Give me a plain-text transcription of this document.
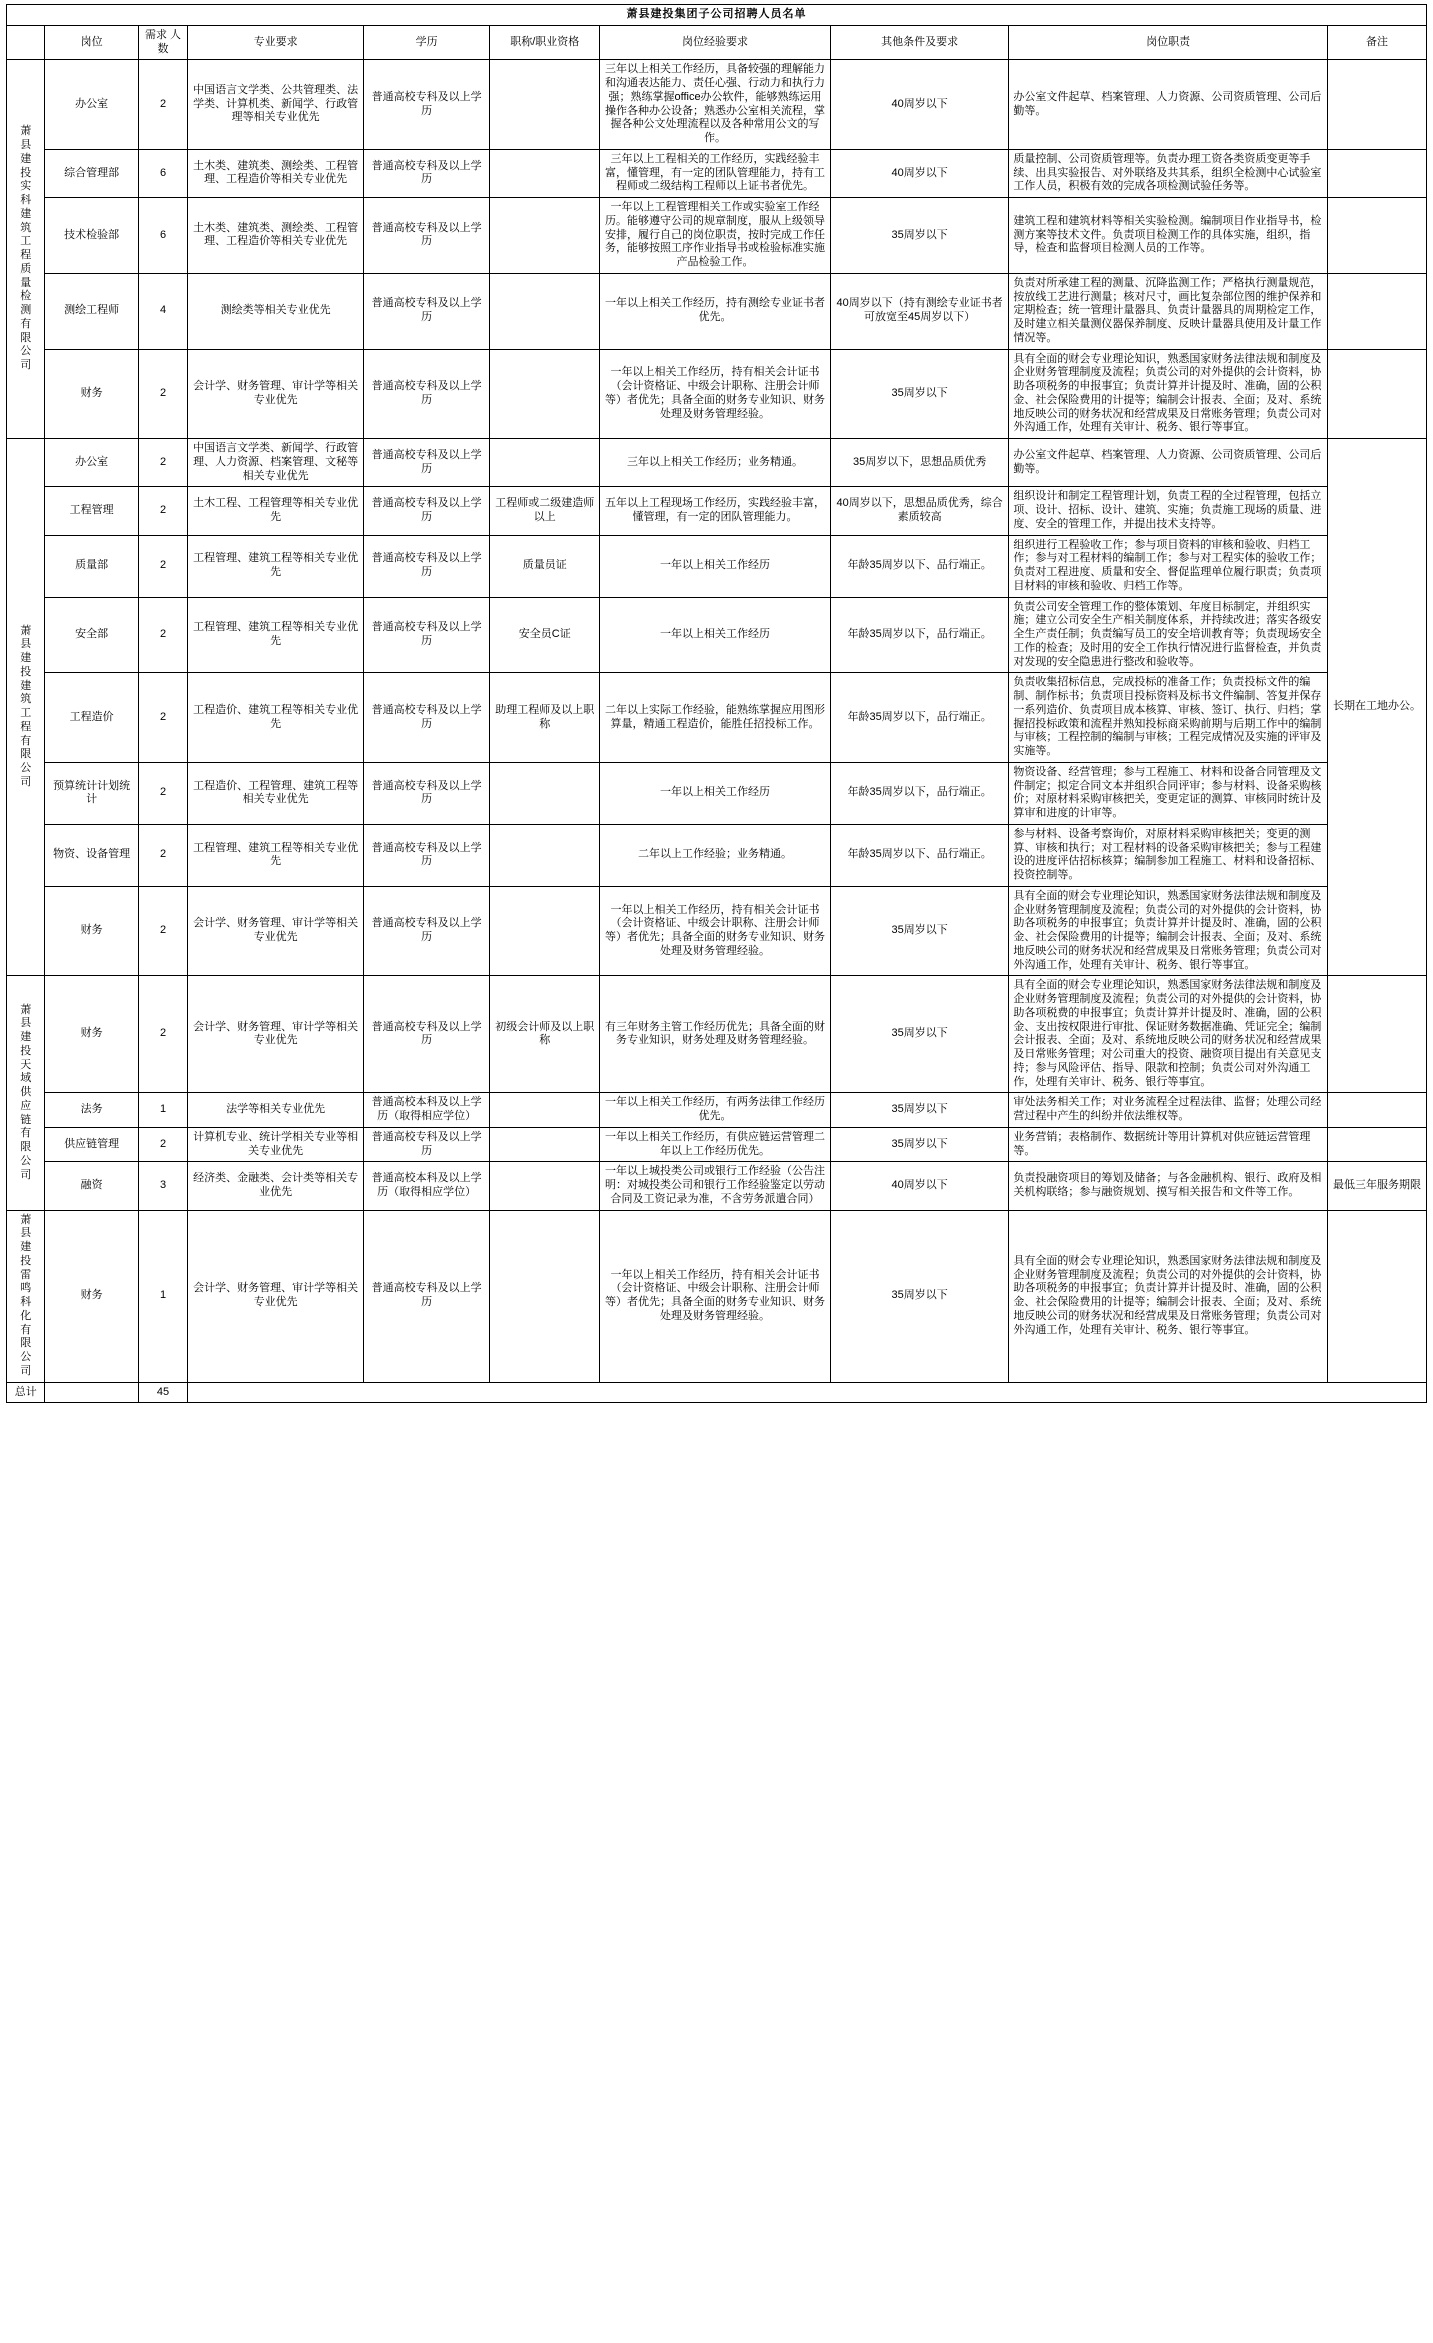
萧县建投集团子公司招聘人员名单									
	岗位	需求 人数	专业要求	学历	职称/职业资格	岗位经验要求	其他条件及要求	岗位职责	备注

萧
县
建
投
实
科
建
筑
工
程
质
量
检
测
有
限
公
司
	办公室	2	中国语言文学类、公共管理类、法学类、计算机类、新闻学、行政管理等相关专业优先	普通高校专科及以上学历		三年以上相关工作经历，具备较强的理解能力和沟通表达能力、责任心强、行动力和执行力强；熟练掌握office办公软件，能够熟练运用操作各种办公设备；熟悉办公室相关流程，掌握各种公文处理流程以及各种常用公文的写作。	40周岁以下	办公室文件起草、档案管理、人力资源、公司资质管理、公司后勤等。	
	综合管理部	6	土木类、建筑类、测绘类、工程管理、工程造价等相关专业优先	普通高校专科及以上学历		三年以上工程相关的工作经历，实践经验丰富，懂管理，有一定的团队管理能力，持有工程师或二级结构工程师以上证书者优先。	40周岁以下	质量控制、公司资质管理等。负责办理工资各类资质变更等手续、出具实验报告、对外联络及共其系，组织全检测中心试验室工作人员，积极有效的完成各项检测试验任务等。	
	技术检验部	6	土木类、建筑类、测绘类、工程管理、工程造价等相关专业优先	普通高校专科及以上学历		一年以上工程管理相关工作或实验室工作经历。能够遵守公司的规章制度，服从上级领导安排，履行自己的岗位职责，按时完成工作任务，能够按照工序作业指导书或检验标准实施产品检验工作。	35周岁以下	建筑工程和建筑材料等相关实验检测。编制项目作业指导书，检测方案等技术文件。负责项目检测工作的具体实施，组织，指导，检查和监督项目检测人员的工作等。	
	测绘工程师	4	测绘类等相关专业优先	普通高校专科及以上学历		一年以上相关工作经历，持有测绘专业证书者优先。	40周岁以下（持有测绘专业证书者可放宽至45周岁以下）	负责对所承建工程的测量、沉降监测工作；严格执行测量规范，按放线工艺进行测量；核对尺寸，画比复杂部位图的维护保养和定期检查；统一管理计量器具、负责计量器具的周期检定工作，及时建立相关量测仪器保养制度、反映计量器具使用及计量工作情况等。	
	财务	2	会计学、财务管理、审计学等相关专业优先	普通高校专科及以上学历		一年以上相关工作经历，持有相关会计证书（会计资格证、中级会计职称、注册会计师等）者优先；具备全面的财务专业知识、财务处理及财务管理经验。	35周岁以下	具有全面的财会专业理论知识，熟悉国家财务法律法规和制度及企业财务管理制度及流程；负责公司的对外提供的会计资料，协助各项税务的申报事宜；负责计算并计提及时、准确，固的公积金、社会保险费用的计提等；编制会计报表、全面；及对、系统地反映公司的财务状况和经营成果及日常账务管理；负责公司对外沟通工作，处理有关审计、税务、银行等事宜。	

萧
县
建
投
建
筑
工
程
有
限
公
司
	办公室	2	中国语言文学类、新闻学、行政管理、人力资源、档案管理、文秘等相关专业优先	普通高校专科及以上学历		三年以上相关工作经历；业务精通。	35周岁以下，思想品质优秀	办公室文件起草、档案管理、人力资源、公司资质管理、公司后勤等。	长期在工地办公。
	工程管理	2	土木工程、工程管理等相关专业优先	普通高校专科及以上学历	工程师或二级建造师以上	五年以上工程现场工作经历，实践经验丰富，懂管理，有一定的团队管理能力。	40周岁以下，思想品质优秀，综合素质较高	组织设计和制定工程管理计划，负责工程的全过程管理，包括立项、设计、招标、设计、建筑、实施；负责施工现场的质量、进度、安全的管理工作，并提出技术支持等。	
	质量部	2	工程管理、建筑工程等相关专业优先	普通高校专科及以上学历	质量员证	一年以上相关工作经历	年龄35周岁以下、品行端正。	组织进行工程验收工作；参与项目资料的审核和验收、归档工作；参与对工程材料的编制工作；参与对工程实体的验收工作；负责对工程进度、质量和安全、督促监理单位履行职责；负责项目材料的审核和验收、归档工作等。	
	安全部	2	工程管理、建筑工程等相关专业优先	普通高校专科及以上学历	安全员C证	一年以上相关工作经历	年龄35周岁以下，品行端正。	负责公司安全管理工作的整体策划、年度目标制定，并组织实施；建立公司安全生产相关制度体系，并持续改进；落实各级安全生产责任制；负责编写员工的安全培训教育等；负责现场安全工作的检查；及时用的安全工作执行情况进行监督检查，并负责对发现的安全隐患进行整改和验收等。	
	工程造价	2	工程造价、建筑工程等相关专业优先	普通高校专科及以上学历	助理工程师及以上职称	二年以上实际工作经验，能熟练掌握应用图形算量，精通工程造价，能胜任招投标工作。	年龄35周岁以下，品行端正。	负责收集招标信息，完成投标的准备工作；负责投标文件的编制、制作标书；负责项目投标资料及标书文件编制、答复并保存一系列造价、负责项目成本核算、审核、签订、执行、归档；掌握招投标政策和流程并熟知投标商采购前期与后期工作中的编制与审核；工程控制的编制与审核；工程完成情况及实施的评审及实施等。	
	预算统计计划统计	2	工程造价、工程管理、建筑工程等相关专业优先	普通高校专科及以上学历		一年以上相关工作经历	年龄35周岁以下，品行端正。	物资设备、经营管理；参与工程施工、材料和设备合同管理及文件制定；拟定合同文本并组织合同评审；参与材料、设备采购核价；对原材料采购审核把关，变更定证的测算、审核同时统计及算审和进度的计审等。	
	物资、设备管理	2	工程管理、建筑工程等相关专业优先	普通高校专科及以上学历		二年以上工作经验；业务精通。	年龄35周岁以下、品行端正。	参与材料、设备考察询价，对原材料采购审核把关；变更的测算、审核和执行；对工程材料的设备采购审核把关；参与工程建设的进度评估招标核算；编制参加工程施工、材料和设备招标、投资控制等。	
	财务	2	会计学、财务管理、审计学等相关专业优先	普通高校专科及以上学历		一年以上相关工作经历，持有相关会计证书（会计资格证、中级会计职称、注册会计师等）者优先；具备全面的财务专业知识、财务处理及财务管理经验。	35周岁以下	具有全面的财会专业理论知识，熟悉国家财务法律法规和制度及企业财务管理制度及流程；负责公司的对外提供的会计资料，协助各项税务的申报事宜；负责计算并计提及时、准确，固的公积金、社会保险费用的计提等；编制会计报表、全面；及对、系统地反映公司的财务状况和经营成果及日常账务管理；负责公司对外沟通工作，处理有关审计、税务、银行等事宜。	

萧
县
建
投
天
域
供
应
链
有
限
公
司
	财务	2	会计学、财务管理、审计学等相关专业优先	普通高校专科及以上学历	初级会计师及以上职称	有三年财务主管工作经历优先；具备全面的财务专业知识，财务处理及财务管理经验。	35周岁以下	具有全面的财会专业理论知识，熟悉国家财务法律法规和制度及企业财务管理制度及流程；负责公司的对外提供的会计资料，协助各项税费的申报事宜；负责计算并计提及时、准确，固的公积金、支出按权限进行审批、保证财务数据准确、凭证完全；编制会计报表、全面；及对、系统地反映公司的财务状况和经营成果及日常账务管理；对公司重大的投资、融资项目提出有关意见支持；参与风险评估、指导、限款和控制；负责公司对外沟通工作，处理有关审计、税务、银行等事宜。	
	法务	1	法学等相关专业优先	普通高校本科及以上学历（取得相应学位）		一年以上相关工作经历，有两务法律工作经历优先。	35周岁以下	审处法务相关工作；对业务流程全过程法律、监督；处理公司经营过程中产生的纠纷并依法维权等。	
	供应链管理	2	计算机专业、统计学相关专业等相关专业优先	普通高校专科及以上学历		一年以上相关工作经历，有供应链运营管理二年以上工作经历优先。	35周岁以下	业务营销；表格制作、数据统计等用计算机对供应链运营管理等。	
	融资	3	经济类、金融类、会计类等相关专业优先	普通高校本科及以上学历（取得相应学位）		一年以上城投类公司或银行工作经验（公告注明：对城投类公司和银行工作经验鉴定以劳动合同及工资记录为准，不含劳务派遣合同）	40周岁以下	负责投融资项目的筹划及储备；与各金融机构、银行、政府及相关机构联络；参与融资规划、摸写相关报告和文件等工作。	最低三年服务期限

萧
县
建
投
雷
鸣
科
化
有
限
公
司
	财务	1	会计学、财务管理、审计学等相关专业优先	普通高校专科及以上学历		一年以上相关工作经历，持有相关会计证书（会计资格证、中级会计职称、注册会计师等）者优先；具备全面的财务专业知识、财务处理及财务管理经验。	35周岁以下	具有全面的财会专业理论知识，熟悉国家财务法律法规和制度及企业财务管理制度及流程；负责公司的对外提供的会计资料，协助各项税务的申报事宜；负责计算并计提及时、准确，固的公积金、社会保险费用的计提等；编制会计报表、全面；及对、系统地反映公司的财务状况和经营成果及日常账务管理；负责公司对外沟通工作，处理有关审计、税务、银行等事宜。	
总计		45							
